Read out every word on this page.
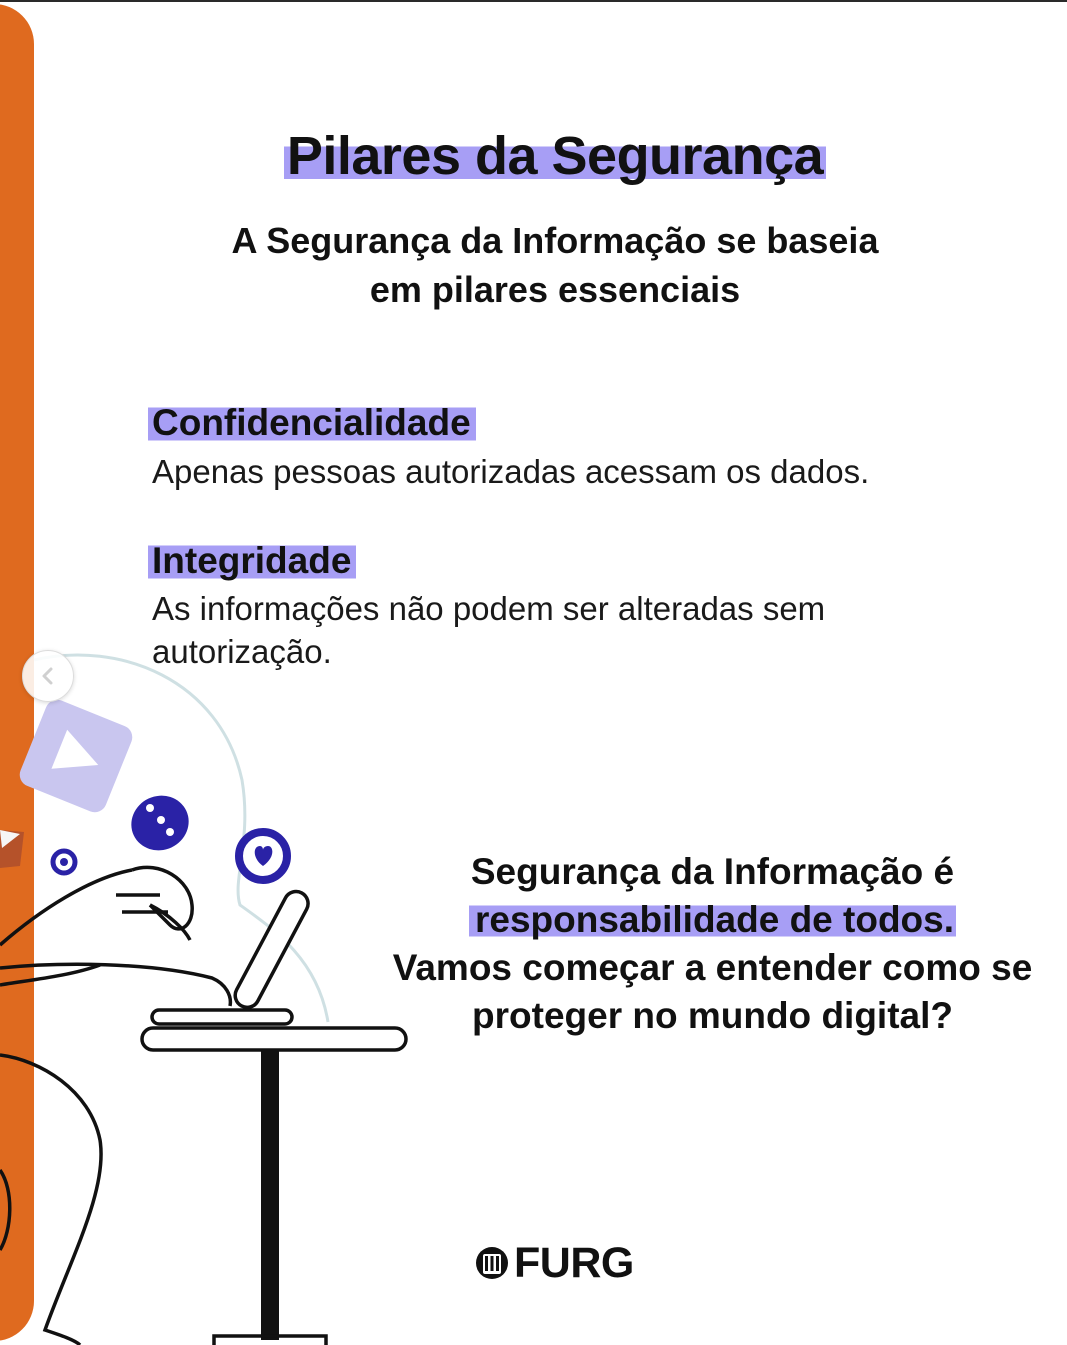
Pilares da Segurança
A Segurança da Informação se baseia
em pilares essenciais
Confidencialidade
Apenas pessoas autorizadas acessam os dados.
Integridade
As informações não podem ser alteradas sem
autorização.
Segurança da Informação é
responsabilidade de todos.
Vamos começar a entender como se
proteger no mundo digital?
FURG
